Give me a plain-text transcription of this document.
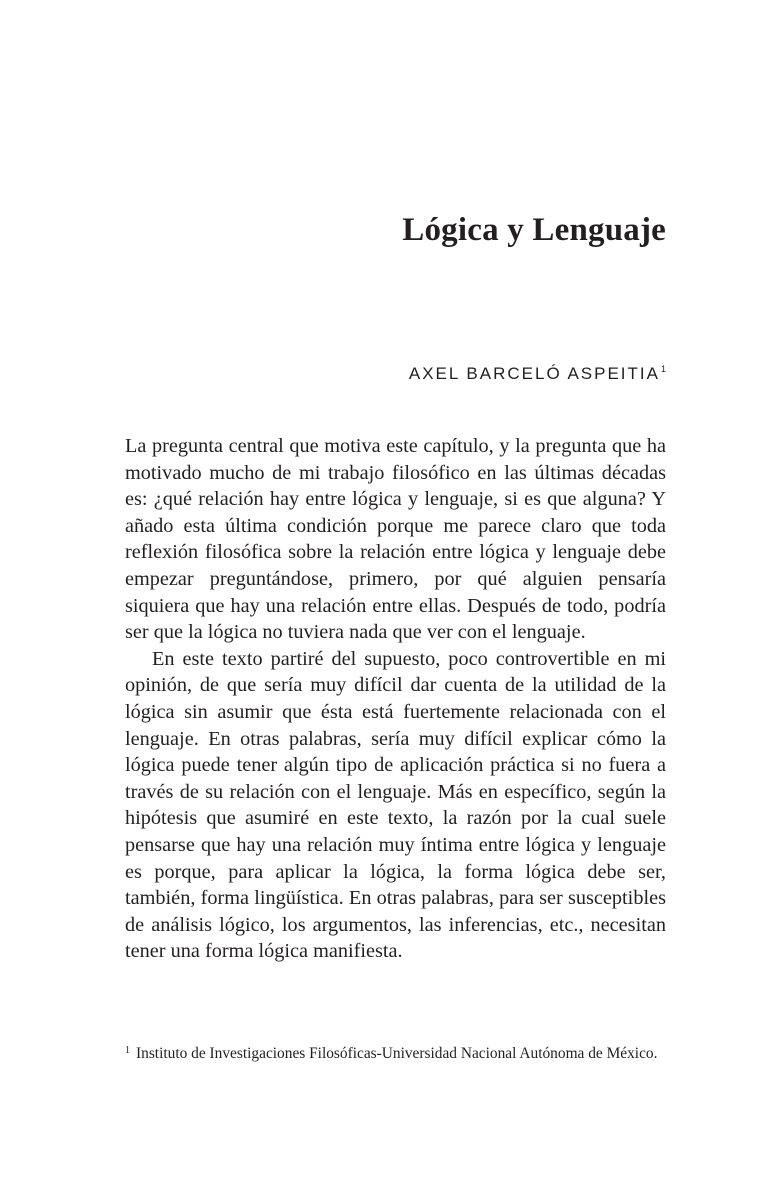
Lógica y Lenguaje

AXEL BARCELÓ ASPEITIA$^1$

La pregunta central que motiva este capítulo, y la pregunta que ha motivado mucho de mi trabajo filosófico en las últimas décadas es: ¿qué relación hay entre lógica y lenguaje, si es que alguna? Y añado esta última condición porque me parece claro que toda reflexión filosófica sobre la relación entre lógica y lenguaje debe empezar preguntándose, primero, por qué alguien pensaría siquiera que hay una relación entre ellas. Después de todo, podría ser que la lógica no tuviera nada que ver con el lenguaje.

En este texto partiré del supuesto, poco controvertible en mi opinión, de que sería muy difícil dar cuenta de la utilidad de la lógica sin asumir que ésta está fuertemente relacionada con el lenguaje. En otras palabras, sería muy difícil explicar cómo la lógica puede tener algún tipo de aplicación práctica si no fuera a través de su relación con el lenguaje. Más en específico, según la hipótesis que asumiré en este texto, la razón por la cual suele pensarse que hay una relación muy íntima entre lógica y lenguaje es porque, para aplicar la lógica, la forma lógica debe ser, también, forma lingüística. En otras palabras, para ser susceptibles de análisis lógico, los argumentos, las inferencias, etc., necesitan tener una forma lógica manifiesta.

$^1$ Instituto de Investigaciones Filosóficas-Universidad Nacional Autónoma de México.
